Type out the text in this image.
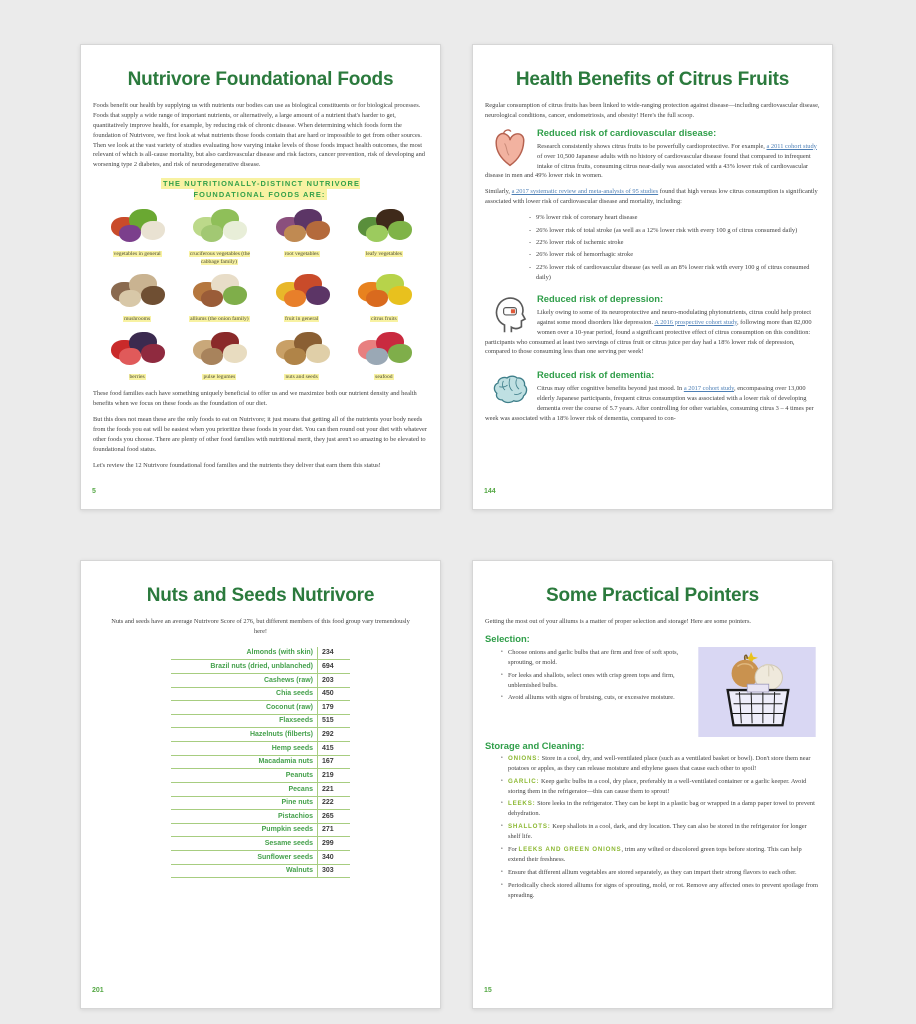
Nutrivore Foundational Foods

Foods benefit our health by supplying us with nutrients our bodies can use as biological constituents or for biological processes. Foods that supply a wide range of important nutrients, or alternatively, a large amount of a nutrient that's harder to get, quantitatively improve health, for example, by reducing risk of chronic disease. When determining which foods form the foundation of Nutrivore, we first look at what nutrients those foods contain that are hard or impossible to get from other sources. Then we look at the vast variety of studies evaluating how varying intake levels of those foods impact health outcomes, the most relevant of which is all-cause mortality, but also cardiovascular disease and risk factors, cancer prevention, risk of developing and worsening type 2 diabetes, and risk of neurodegenerative disease.

THE NUTRITIONALLY-DISTINCT NUTRIVORE FOUNDATIONAL FOODS ARE:
vegetables in general	cruciferous vegetables (the cabbage family)
root vegetables	leafy vegetables
mushrooms	alliums (the onion family)	fruit in general	citrus fruits
berries	pulse legumes	nuts and seeds	seafood

These food families each have something uniquely beneficial to offer us and we maximize both our nutrient density and health benefits when we focus on these foods as the foundation of our diet.

But this does not mean these are the only foods to eat on Nutrivore; it just means that getting all of the nutrients your body needs from the foods you eat will be easiest when you prioritize these foods in your diet. You can then round out your diet with whatever other foods you choose. There are plenty of other food families with nutritional merit, they just aren't so amazing to be elevated to foundational food status.

Let's review the 12 Nutrivore foundational food families and the nutrients they deliver that earn them this status!

5
Health Benefits of Citrus Fruits

Regular consumption of citrus fruits has been linked to wide-ranging protection against disease—including cardiovascular disease, neurological conditions, cancer, endometriosis, and obesity! Here's the full scoop.

Reduced risk of cardiovascular disease:

Research consistently shows citrus fruits to be powerfully cardioprotective. For example, a 2011 cohort study of over 10,500 Japanese adults with no history of cardiovascular disease found that compared to infrequent intake of citrus fruits, consuming citrus near-daily was associated with a 43% lower risk of cardiovascular disease in men and 49% lower risk in women.

Similarly, a 2017 systematic review and meta-analysis of 95 studies found that high versus low citrus consumption is significantly associated with lower risk of cardiovascular disease and mortality, including:

- 9% lower risk of coronary heart disease
- 26% lower risk of total stroke (as well as a 12% lower risk with every 100 g of citrus consumed daily)
- 22% lower risk of ischemic stroke
- 26% lower risk of hemorrhagic stroke
- 22% lower risk of cardiovascular disease (as well as an 8% lower risk with every 100 g of citrus consumed daily)
Reduced risk of depression:

Likely owing to some of its neuroprotective and neuro-modulating phytonutrients, citrus could help protect against some mood disorders like depression. A 2016 prospective cohort study, following more than 82,000 women over a 10-year period, found a significant protective effect of citrus consumption on this condition: participants who consumed at least two servings of citrus fruit or citrus juice per day had a 18% lower risk of depression, compared to those consuming less than one serving per week!

Reduced risk of dementia:

Citrus may offer cognitive benefits beyond just mood. In a 2017 cohort study, encompassing over 13,000 elderly Japanese participants, frequent citrus consumption was associated with a lower risk of developing dementia over the course of 5.7 years. After controlling for other variables, consuming citrus 3 – 4 times per week was associated with a 18% lower risk of dementia, compared to con-

144
Nuts and Seeds Nutrivore

Nuts and seeds have an average Nutrivore Score of 276, but different members of this food group vary tremendously here!

Almonds (with skin)	234
Brazil nuts (dried, unblanched)	694
Cashews (raw)	203
Chia seeds	450
Coconut (raw)	179
Flaxseeds	515
Hazelnuts (filberts)	292
Hemp seeds	415
Macadamia nuts	167
Peanuts	219
Pecans	221
Pine nuts	222
Pistachios	265
Pumpkin seeds	271
Sesame seeds	299
Sunflower seeds	340
Walnuts	303
201
Some Practical Pointers

Getting the most out of your alliums is a matter of proper selection and storage! Here are some pointers.

Selection:
• Choose onions and garlic bulbs that are firm and free of soft spots, sprouting, or mold.
• For leeks and shallots, select ones with crisp green tops and firm, unblemished bulbs.
• Avoid alliums with signs of bruising, cuts, or excessive moisture.
Storage and Cleaning:
• ONIONS: Store in a cool, dry, and well-ventilated place (such as a ventilated basket or bowl). Don't store them near potatoes or apples, as they can release moisture and ethylene gases that cause each other to spoil!
• GARLIC: Keep garlic bulbs in a cool, dry place, preferably in a well-ventilated container or a garlic keeper. Avoid storing them in the refrigerator—this can cause them to sprout!
• LEEKS: Store leeks in the refrigerator. They can be kept in a plastic bag or wrapped in a damp paper towel to prevent dehydration.
• SHALLOTS: Keep shallots in a cool, dark, and dry location. They can also be stored in the refrigerator for longer shelf life.
• For LEEKS AND GREEN ONIONS, trim any wilted or discolored green tops before storing. This can help extend their freshness.
• Ensure that different allium vegetables are stored separately, as they can impart their strong flavors to each other.
• Periodically check stored alliums for signs of sprouting, mold, or rot. Remove any affected ones to prevent spoilage from spreading.
15
